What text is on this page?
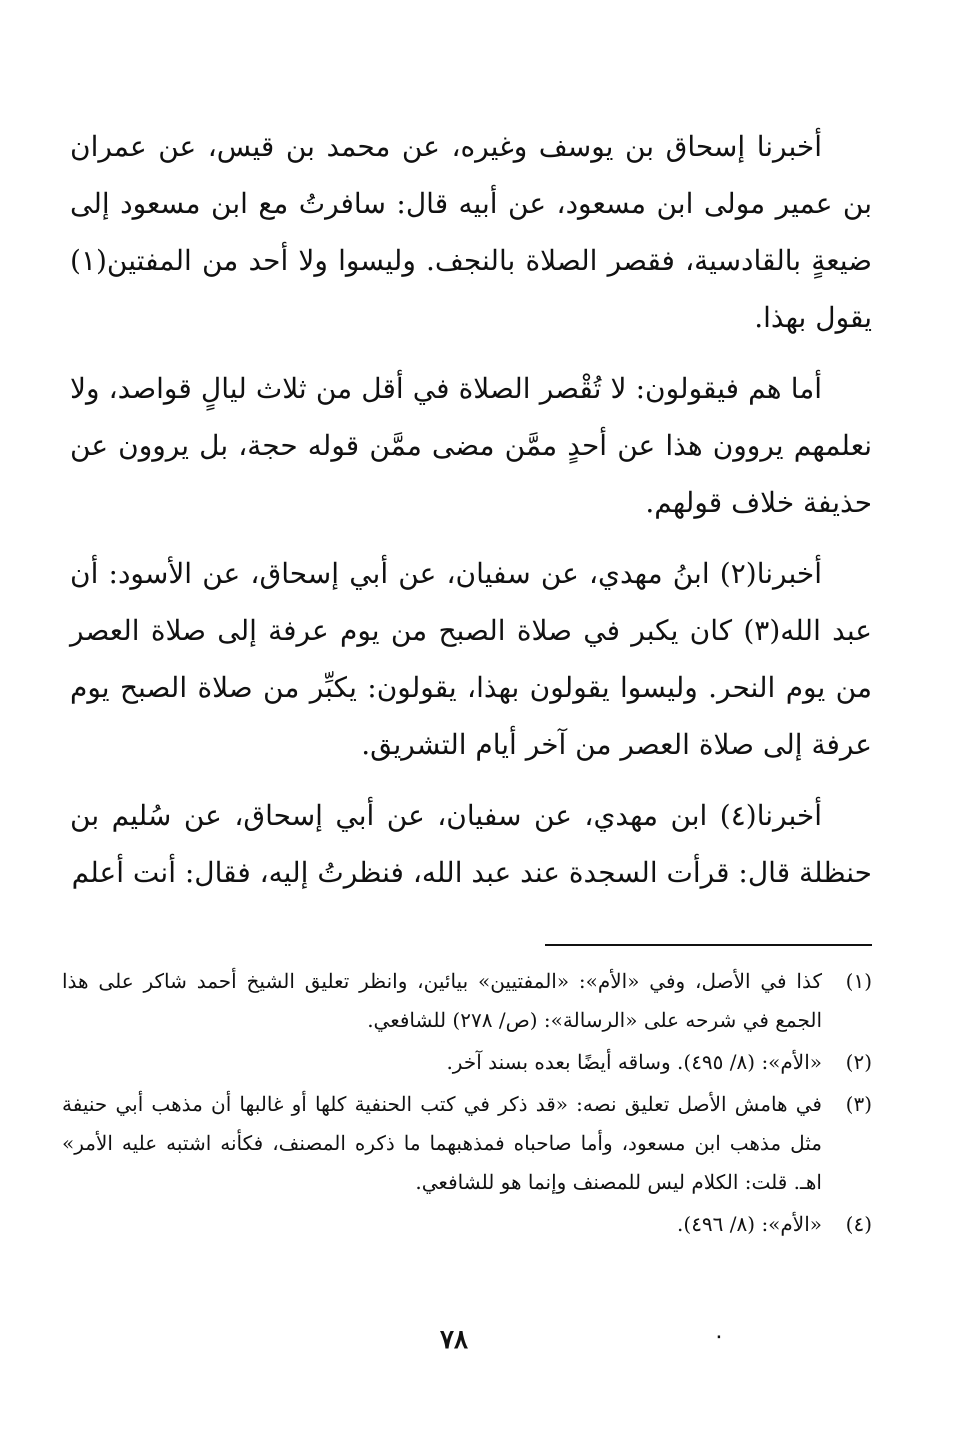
أخبرنا إسحاق بن يوسف وغيره، عن محمد بن قيس، عن عمران بن عمير مولى ابن مسعود، عن أبيه قال: سافرتُ مع ابن مسعود إلى ضيعةٍ بالقادسية، فقصر الصلاة بالنجف. وليسوا ولا أحد من المفتين(١) يقول بهذا.

أما هم فيقولون: لا تُقْصر الصلاة في أقل من ثلاث ليالٍ قواصد، ولا نعلمهم يروون هذا عن أحدٍ ممَّن مضى ممَّن قوله حجة، بل يروون عن حذيفة خلاف قولهم.

أخبرنا(٢) ابنُ مهدي، عن سفيان، عن أبي إسحاق، عن الأسود: أن عبد الله(٣) كان يكبر في صلاة الصبح من يوم عرفة إلى صلاة العصر من يوم النحر. وليسوا يقولون بهذا، يقولون: يكبِّر من صلاة الصبح يوم عرفة إلى صلاة العصر من آخر أيام التشريق.

أخبرنا(٤) ابن مهدي، عن سفيان، عن أبي إسحاق، عن سُليم بن حنظلة قال: قرأت السجدة عند عبد الله، فنظرتُ إليه، فقال: أنت أعلم

(١)
كذا في الأصل، وفي «الأم»: «المفتيين» بيائين، وانظر تعليق الشيخ أحمد شاكر على هذا الجمع في شرحه على «الرسالة»: (ص/ ٢٧٨) للشافعي.
(٢)
«الأم»: (٨/ ٤٩٥). وساقه أيضًا بعده بسند آخر.
(٣)
في هامش الأصل تعليق نصه: «قد ذكر في كتب الحنفية كلها أو غالبها أن مذهب أبي حنيفة مثل مذهب ابن مسعود، وأما صاحباه فمذهبهما ما ذكره المصنف، فكأنه اشتبه عليه الأمر» اهـ. قلت: الكلام ليس للمصنف وإنما هو للشافعي.
(٤)
«الأم»: (٨/ ٤٩٦).
٧٨	٠
